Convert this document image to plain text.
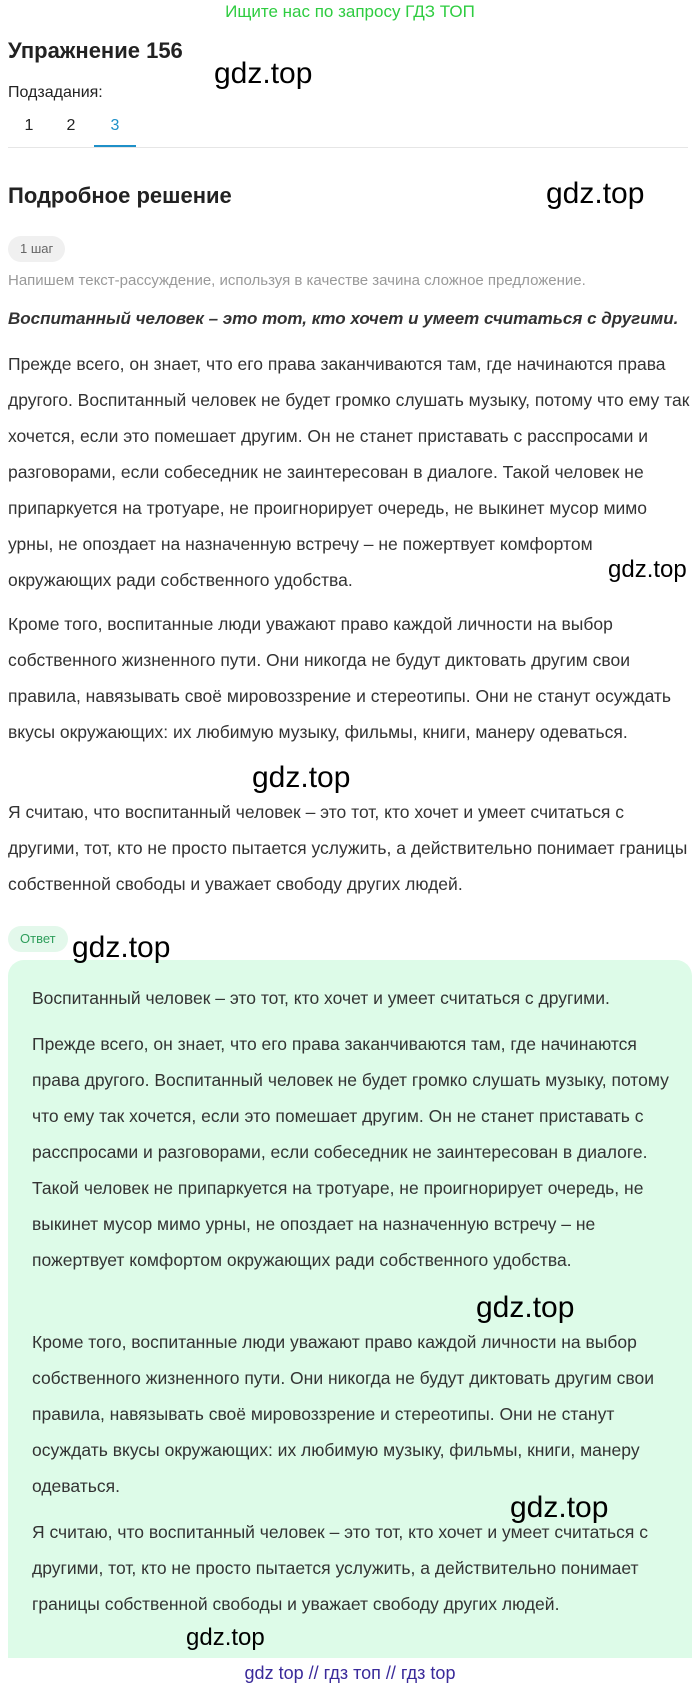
Ищите нас по запросу ГДЗ ТОП
Упражнение 156
Подзадания:
1	2	3
Подробное решение
1 шаг
Напишем текст-рассуждение, используя в качестве зачина сложное предложение.
Воспитанный человек – это тот, кто хочет и умеет считаться с другими.

Прежде всего, он знает, что его права заканчиваются там, где начинаются права другого. Воспитанный человек не будет громко слушать музыку, потому что ему так хочется, если это помешает другим. Он не станет приставать с расспросами и разговорами, если собеседник не заинтересован в диалоге. Такой человек не припаркуется на тротуаре, не проигнорирует очередь, не выкинет мусор мимо урны, не опоздает на назначенную встречу – не пожертвует комфортом окружающих ради собственного удобства.

Кроме того, воспитанные люди уважают право каждой личности на выбор собственного жизненного пути. Они никогда не будут диктовать другим свои правила, навязывать своё мировоззрение и стереотипы. Они не станут осуждать вкусы окружающих: их любимую музыку, фильмы, книги, манеру одеваться.

Я считаю, что воспитанный человек – это тот, кто хочет и умеет считаться с другими, тот, кто не просто пытается услужить, а действительно понимает границы собственной свободы и уважает свободу других людей.

Ответ

Воспитанный человек – это тот, кто хочет и умеет считаться с другими.

Прежде всего, он знает, что его права заканчиваются там, где начинаются права другого. Воспитанный человек не будет громко слушать музыку, потому что ему так хочется, если это помешает другим. Он не станет приставать с расспросами и разговорами, если собеседник не заинтересован в диалоге. Такой человек не припаркуется на тротуаре, не проигнорирует очередь, не выкинет мусор мимо урны, не опоздает на назначенную встречу – не пожертвует комфортом окружающих ради собственного удобства.

Кроме того, воспитанные люди уважают право каждой личности на выбор собственного жизненного пути. Они никогда не будут диктовать другим свои правила, навязывать своё мировоззрение и стереотипы. Они не станут осуждать вкусы окружающих: их любимую музыку, фильмы, книги, манеру одеваться.

Я считаю, что воспитанный человек – это тот, кто хочет и умеет считаться с другими, тот, кто не просто пытается услужить, а действительно понимает границы собственной свободы и уважает свободу других людей.

gdz.top
gdz.top
gdz.top
gdz.top
gdz.top
gdz.top
gdz.top
gdz.top
gdz top // гдз топ // гдз top
